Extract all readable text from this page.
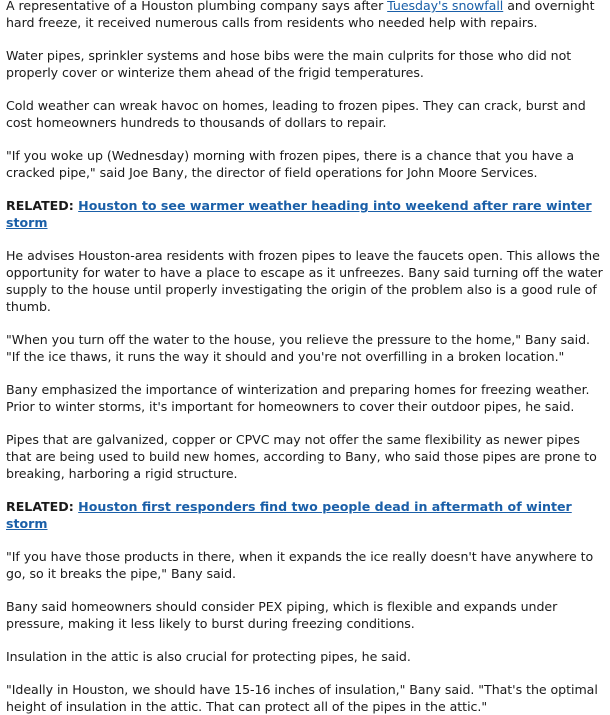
A representative of a Houston plumbing company says after Tuesday's snowfall and overnight hard freeze, it received numerous calls from residents who needed help with repairs.

Water pipes, sprinkler systems and hose bibs were the main culprits for those who did not properly cover or winterize them ahead of the frigid temperatures.

Cold weather can wreak havoc on homes, leading to frozen pipes. They can crack, burst and cost homeowners hundreds to thousands of dollars to repair.

"If you woke up (Wednesday) morning with frozen pipes, there is a chance that you have a cracked pipe," said Joe Bany, the director of field operations for John Moore Services.

RELATED: Houston to see warmer weather heading into weekend after rare winter storm

He advises Houston-area residents with frozen pipes to leave the faucets open. This allows the opportunity for water to have a place to escape as it unfreezes. Bany said turning off the water supply to the house until properly investigating the origin of the problem also is a good rule of thumb.

"When you turn off the water to the house, you relieve the pressure to the home," Bany said. "If the ice thaws, it runs the way it should and you're not overfilling in a broken location."

Bany emphasized the importance of winterization and preparing homes for freezing weather. Prior to winter storms, it's important for homeowners to cover their outdoor pipes, he said.

Pipes that are galvanized, copper or CPVC may not offer the same flexibility as newer pipes that are being used to build new homes, according to Bany, who said those pipes are prone to breaking, harboring a rigid structure.

RELATED: Houston first responders find two people dead in aftermath of winter storm

"If you have those products in there, when it expands the ice really doesn't have anywhere to go, so it breaks the pipe," Bany said.

Bany said homeowners should consider PEX piping, which is flexible and expands under pressure, making it less likely to burst during freezing conditions.

Insulation in the attic is also crucial for protecting pipes, he said.

"Ideally in Houston, we should have 15-16 inches of insulation," Bany said. "That's the optimal height of insulation in the attic. That can protect all of the pipes in the attic."
